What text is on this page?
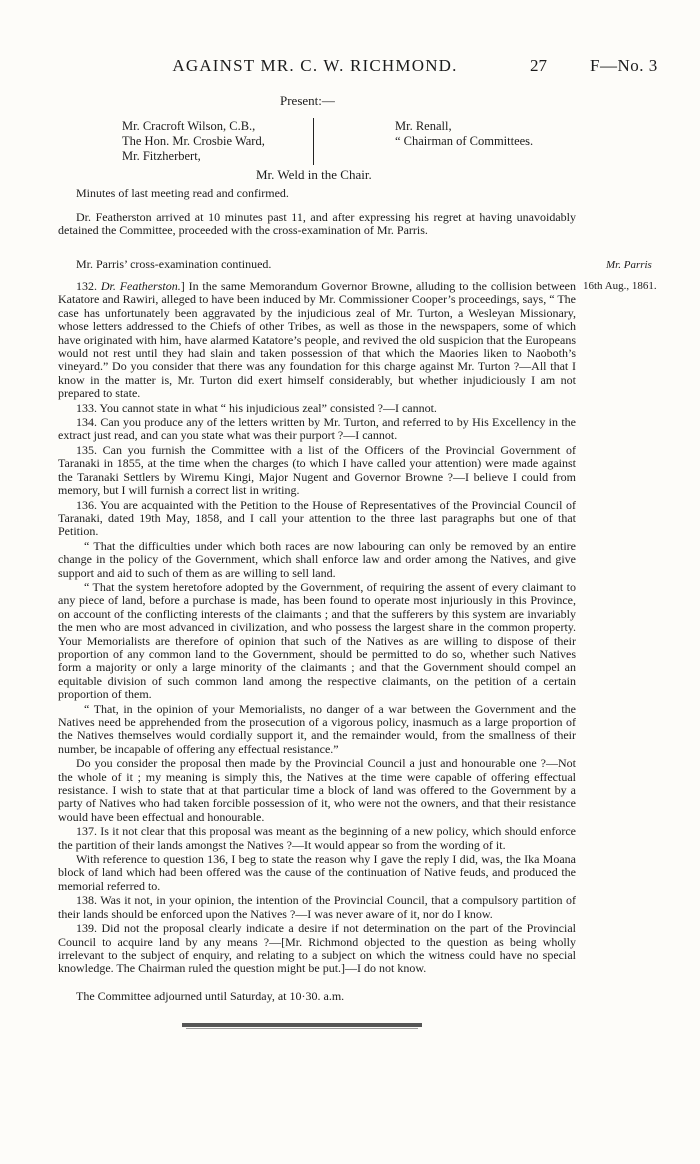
AGAINST MR. C. W. RICHMOND.	27	F—No. 3
Present:—
Mr. Cracroft Wilson, C.B.,
The Hon. Mr. Crosbie Ward,
Mr. Fitzherbert,
Mr. Renall,
“ Chairman of Committees.
Mr. Weld in the Chair.

Minutes of last meeting read and confirmed.

Dr. Featherston arrived at 10 minutes past 11, and after expressing his regret at having unavoidably detained the Committee, proceeded with the cross-examination of Mr. Parris.

Mr. Parris’ cross-examination continued.	Mr. Parris
16th Aug., 1861.

132. Dr. Featherston.] In the same Memorandum Governor Browne, alluding to the collision between Katatore and Rawiri, alleged to have been induced by Mr. Commissioner Cooper’s proceedings, says, “ The case has unfortunately been aggravated by the injudicious zeal of Mr. Turton, a Wesleyan Missionary, whose letters addressed to the Chiefs of other Tribes, as well as those in the newspapers, some of which have originated with him, have alarmed Katatore’s people, and revived the old suspicion that the Europeans would not rest until they had slain and taken possession of that which the Maories liken to Naoboth’s vineyard.” Do you consider that there was any foundation for this charge against Mr. Turton ?—All that I know in the matter is, Mr. Turton did exert himself considerably, but whether injudiciously I am not prepared to state.

133. You cannot state in what “ his injudicious zeal” consisted ?—I cannot.

134. Can you produce any of the letters written by Mr. Turton, and referred to by His Excellency in the extract just read, and can you state what was their purport ?—I cannot.

135. Can you furnish the Committee with a list of the Officers of the Provincial Government of Taranaki in 1855, at the time when the charges (to which I have called your attention) were made against the Taranaki Settlers by Wiremu Kingi, Major Nugent and Governor Browne ?—I believe I could from memory, but I will furnish a correct list in writing.

136. You are acquainted with the Petition to the House of Representatives of the Provincial Council of Taranaki, dated 19th May, 1858, and I call your attention to the three last paragraphs but one of that Petition.

“ That the difficulties under which both races are now labouring can only be removed by an entire change in the policy of the Government, which shall enforce law and order among the Natives, and give support and aid to such of them as are willing to sell land.

“ That the system heretofore adopted by the Government, of requiring the assent of every claimant to any piece of land, before a purchase is made, has been found to operate most injuriously in this Province, on account of the conflicting interests of the claimants ; and that the sufferers by this system are invariably the men who are most advanced in civilization, and who possess the largest share in the common property. Your Memorialists are therefore of opinion that such of the Natives as are willing to dispose of their proportion of any common land to the Government, should be permitted to do so, whether such Natives form a majority or only a large minority of the claimants ; and that the Government should compel an equitable division of such common land among the respective claimants, on the petition of a certain proportion of them.

“ That, in the opinion of your Memorialists, no danger of a war between the Government and the Natives need be apprehended from the prosecution of a vigorous policy, inasmuch as a large proportion of the Natives themselves would cordially support it, and the remainder would, from the smallness of their number, be incapable of offering any effectual resistance.”

Do you consider the proposal then made by the Provincial Council a just and honourable one ?—Not the whole of it ; my meaning is simply this, the Natives at the time were capable of offering effectual resistance. I wish to state that at that particular time a block of land was offered to the Government by a party of Natives who had taken forcible possession of it, who were not the owners, and that their resistance would have been effectual and honourable.

137. Is it not clear that this proposal was meant as the beginning of a new policy, which should enforce the partition of their lands amongst the Natives ?—It would appear so from the wording of it.

With reference to question 136, I beg to state the reason why I gave the reply I did, was, the Ika Moana block of land which had been offered was the cause of the continuation of Native feuds, and produced the memorial referred to.

138. Was it not, in your opinion, the intention of the Provincial Council, that a compulsory partition of their lands should be enforced upon the Natives ?—I was never aware of it, nor do I know.

139. Did not the proposal clearly indicate a desire if not determination on the part of the Provincial Council to acquire land by any means ?—[Mr. Richmond objected to the question as being wholly irrelevant to the subject of enquiry, and relating to a subject on which the witness could have no special knowledge. The Chairman ruled the question might be put.]—I do not know.

The Committee adjourned until Saturday, at 10·30. a.m.
